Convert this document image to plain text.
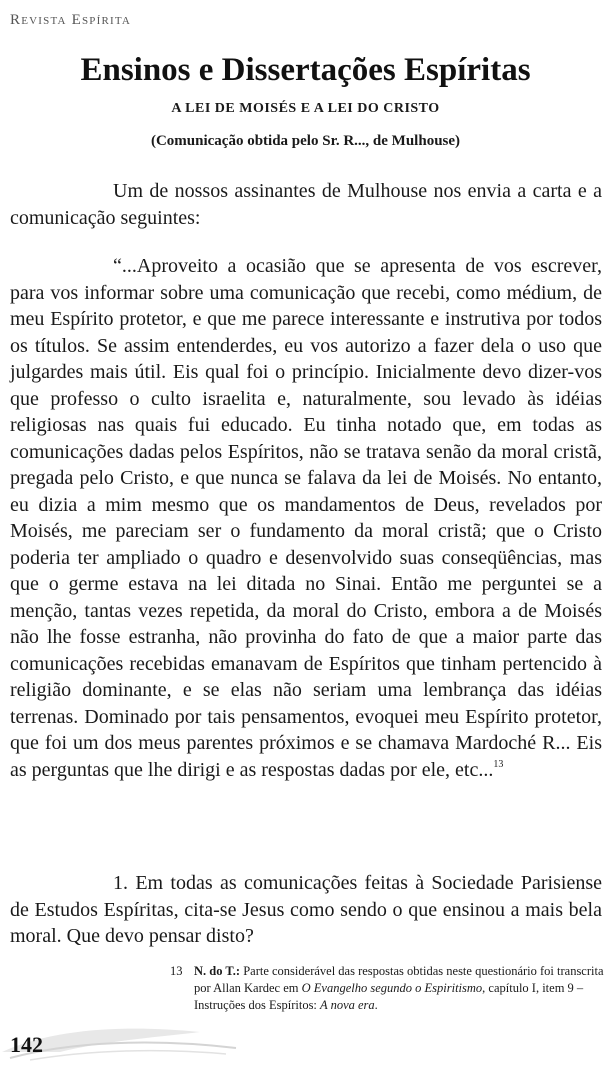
Revista Espírita
Ensinos e Dissertações Espíritas
A LEI DE MOISÉS E A LEI DO CRISTO
(Comunicação obtida pelo Sr. R..., de Mulhouse)

Um de nossos assinantes de Mulhouse nos envia a carta e a comunicação seguintes:

“...Aproveito a ocasião que se apresenta de vos escrever, para vos informar sobre uma comunicação que recebi, como médium, de meu Espírito protetor, e que me parece interessante e instrutiva por todos os títulos. Se assim entenderdes, eu vos autorizo a fazer dela o uso que julgardes mais útil. Eis qual foi o princípio. Inicialmente devo dizer-vos que professo o culto israelita e, naturalmente, sou levado às idéias religiosas nas quais fui educado. Eu tinha notado que, em todas as comunicações dadas pelos Espíritos, não se tratava senão da moral cristã, pregada pelo Cristo, e que nunca se falava da lei de Moisés. No entanto, eu dizia a mim mesmo que os mandamentos de Deus, revelados por Moisés, me pareciam ser o fundamento da moral cristã; que o Cristo poderia ter ampliado o quadro e desenvolvido suas conseqüências, mas que o germe estava na lei ditada no Sinai. Então me perguntei se a menção, tantas vezes repetida, da moral do Cristo, embora a de Moisés não lhe fosse estranha, não provinha do fato de que a maior parte das comunicações recebidas emanavam de Espíritos que tinham pertencido à religião dominante, e se elas não seriam uma lembrança das idéias terrenas. Dominado por tais pensamentos, evoquei meu Espírito protetor, que foi um dos meus parentes próximos e se chamava Mardoché R... Eis as perguntas que lhe dirigi e as respostas dadas por ele, etc...$^{13}$

1. Em todas as comunicações feitas à Sociedade Parisiense de Estudos Espíritas, cita-se Jesus como sendo o que ensinou a mais bela moral. Que devo pensar disto?

13 N. do T.: Parte considerável das respostas obtidas neste questionário foi transcrita por Allan Kardec em O Evangelho segundo o Espiritismo, capítulo I, item 9 – Instruções dos Espíritos: A nova era.
142
